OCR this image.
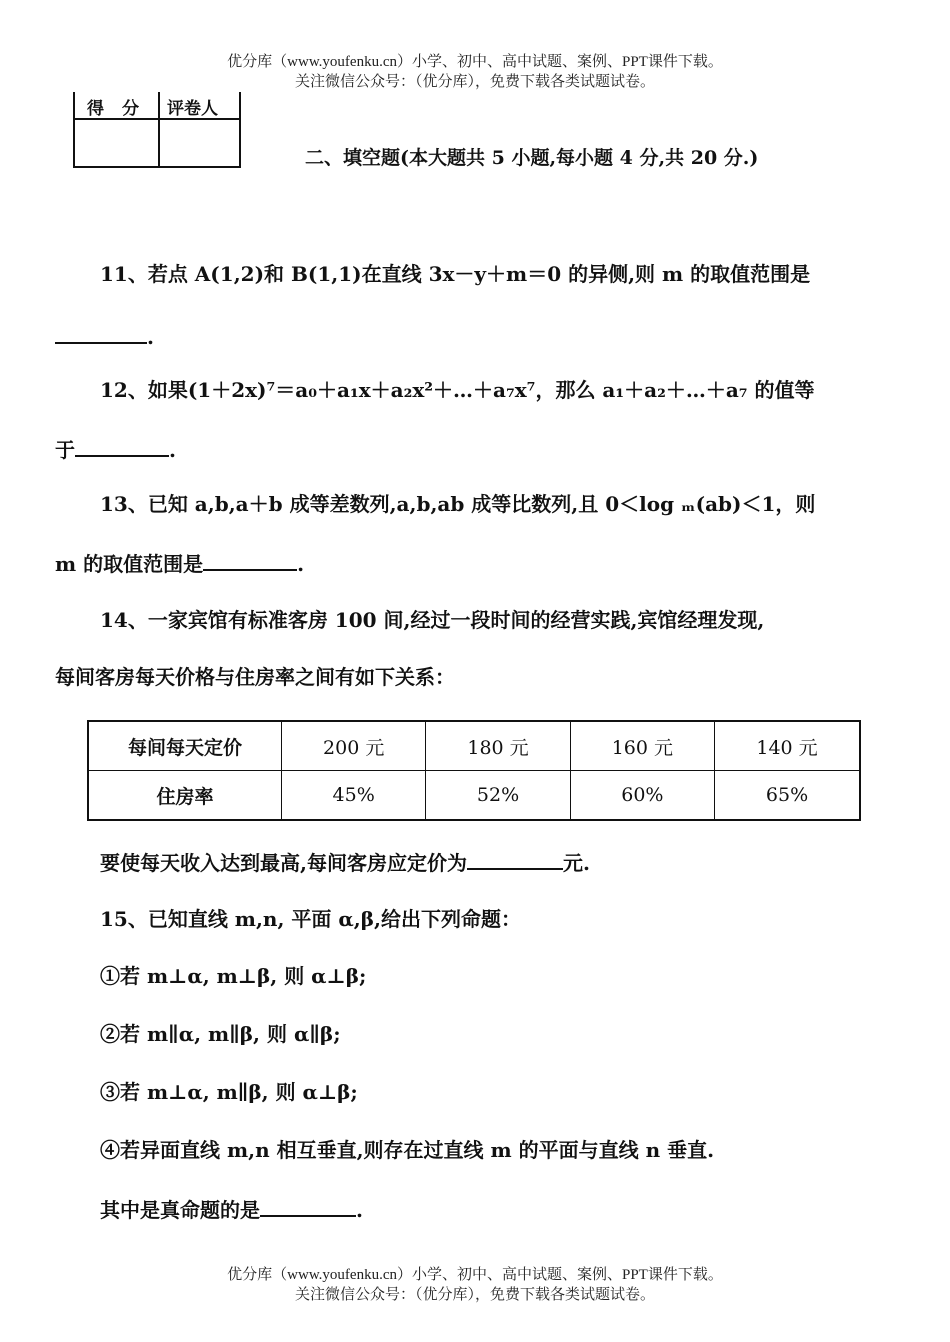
优分库（www.youfenku.cn）小学、初中、高中试题、案例、PPT课件下载。
关注微信公众号：（优分库），免费下载各类试题试卷。
得分 评卷人
二、填空题(本大题共 5 小题,每小题 4 分,共 20 分.)
11、若点 A(1,2)和 B(1,1)在直线 3x－y＋m＝0 的异侧,则 m 的取值范围是
.
12、如果(1＋2x)⁷＝a₀＋a₁x＋a₂x²＋…＋a₇x⁷，那么 a₁＋a₂＋…＋a₇ 的值等
于	.
13、已知 a,b,a＋b 成等差数列,a,b,ab 成等比数列,且 0＜log ₘ(ab)＜1，则
m 的取值范围是	.
14、一家宾馆有标准客房 100 间,经过一段时间的经营实践,宾馆经理发现,
每间客房每天价格与住房率之间有如下关系：
每间每天定价	200 元	180 元	160 元	140 元
住房率	45%	52%	60%	65%
要使每天收入达到最高,每间客房应定价为	元.
15、已知直线 m,n, 平面 α,β,给出下列命题：
①若 m⊥α, m⊥β, 则 α⊥β;
②若 m∥α, m∥β, 则 α∥β;
③若 m⊥α, m∥β, 则 α⊥β;
④若异面直线 m,n 相互垂直,则存在过直线 m 的平面与直线 n 垂直.
其中是真命题的是	.
优分库（www.youfenku.cn）小学、初中、高中试题、案例、PPT课件下载。
关注微信公众号：（优分库），免费下载各类试题试卷。
